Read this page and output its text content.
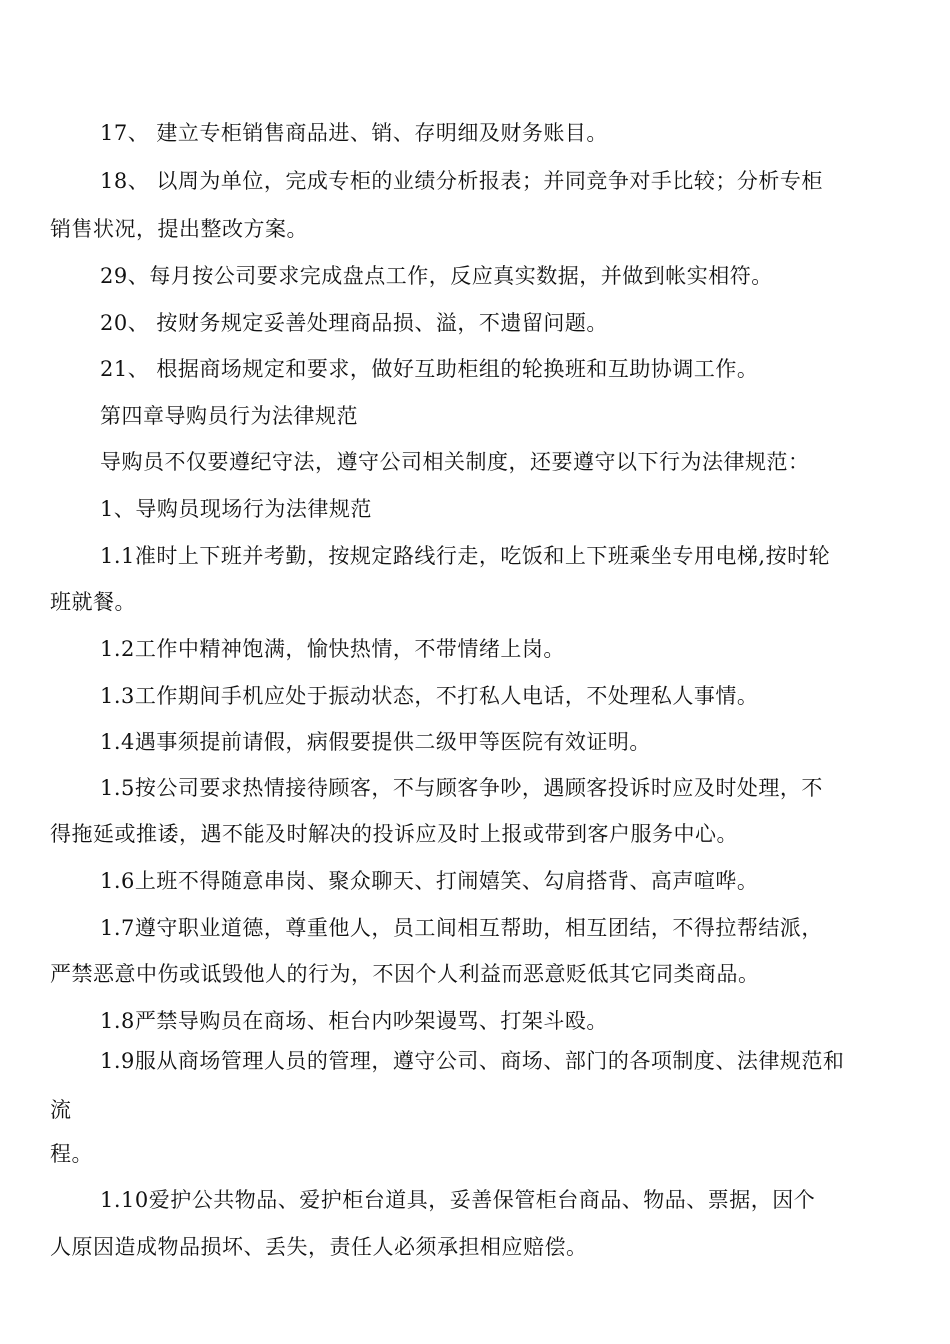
17、 建立专柜销售商品进、销、存明细及财务账目。
18、 以周为单位，完成专柜的业绩分析报表；并同竞争对手比较；分析专柜
销售状况，提出整改方案。
29、每月按公司要求完成盘点工作，反应真实数据，并做到帐实相符。
20、 按财务规定妥善处理商品损、溢，不遗留问题。
21、 根据商场规定和要求，做好互助柜组的轮换班和互助协调工作。
第四章导购员行为法律规范
导购员不仅要遵纪守法，遵守公司相关制度，还要遵守以下行为法律规范：
1、导购员现场行为法律规范
1.1准时上下班并考勤，按规定路线行走，吃饭和上下班乘坐专用电梯,按时轮
班就餐。
1.2工作中精神饱满，愉快热情，不带情绪上岗。
1.3工作期间手机应处于振动状态，不打私人电话，不处理私人事情。
1.4遇事须提前请假，病假要提供二级甲等医院有效证明。
1.5按公司要求热情接待顾客，不与顾客争吵，遇顾客投诉时应及时处理，不
得拖延或推诿，遇不能及时解决的投诉应及时上报或带到客户服务中心。
1.6上班不得随意串岗、聚众聊天、打闹嬉笑、勾肩搭背、高声喧哗。
1.7遵守职业道德，尊重他人，员工间相互帮助，相互团结，不得拉帮结派，
严禁恶意中伤或诋毁他人的行为，不因个人利益而恶意贬低其它同类商品。
1.8严禁导购员在商场、柜台内吵架谩骂、打架斗殴。
1.9服从商场管理人员的管理，遵守公司、商场、部门的各项制度、法律规范和
流
程。
1.10爱护公共物品、爱护柜台道具，妥善保管柜台商品、物品、票据，因个
人原因造成物品损坏、丢失，责任人必须承担相应赔偿。
